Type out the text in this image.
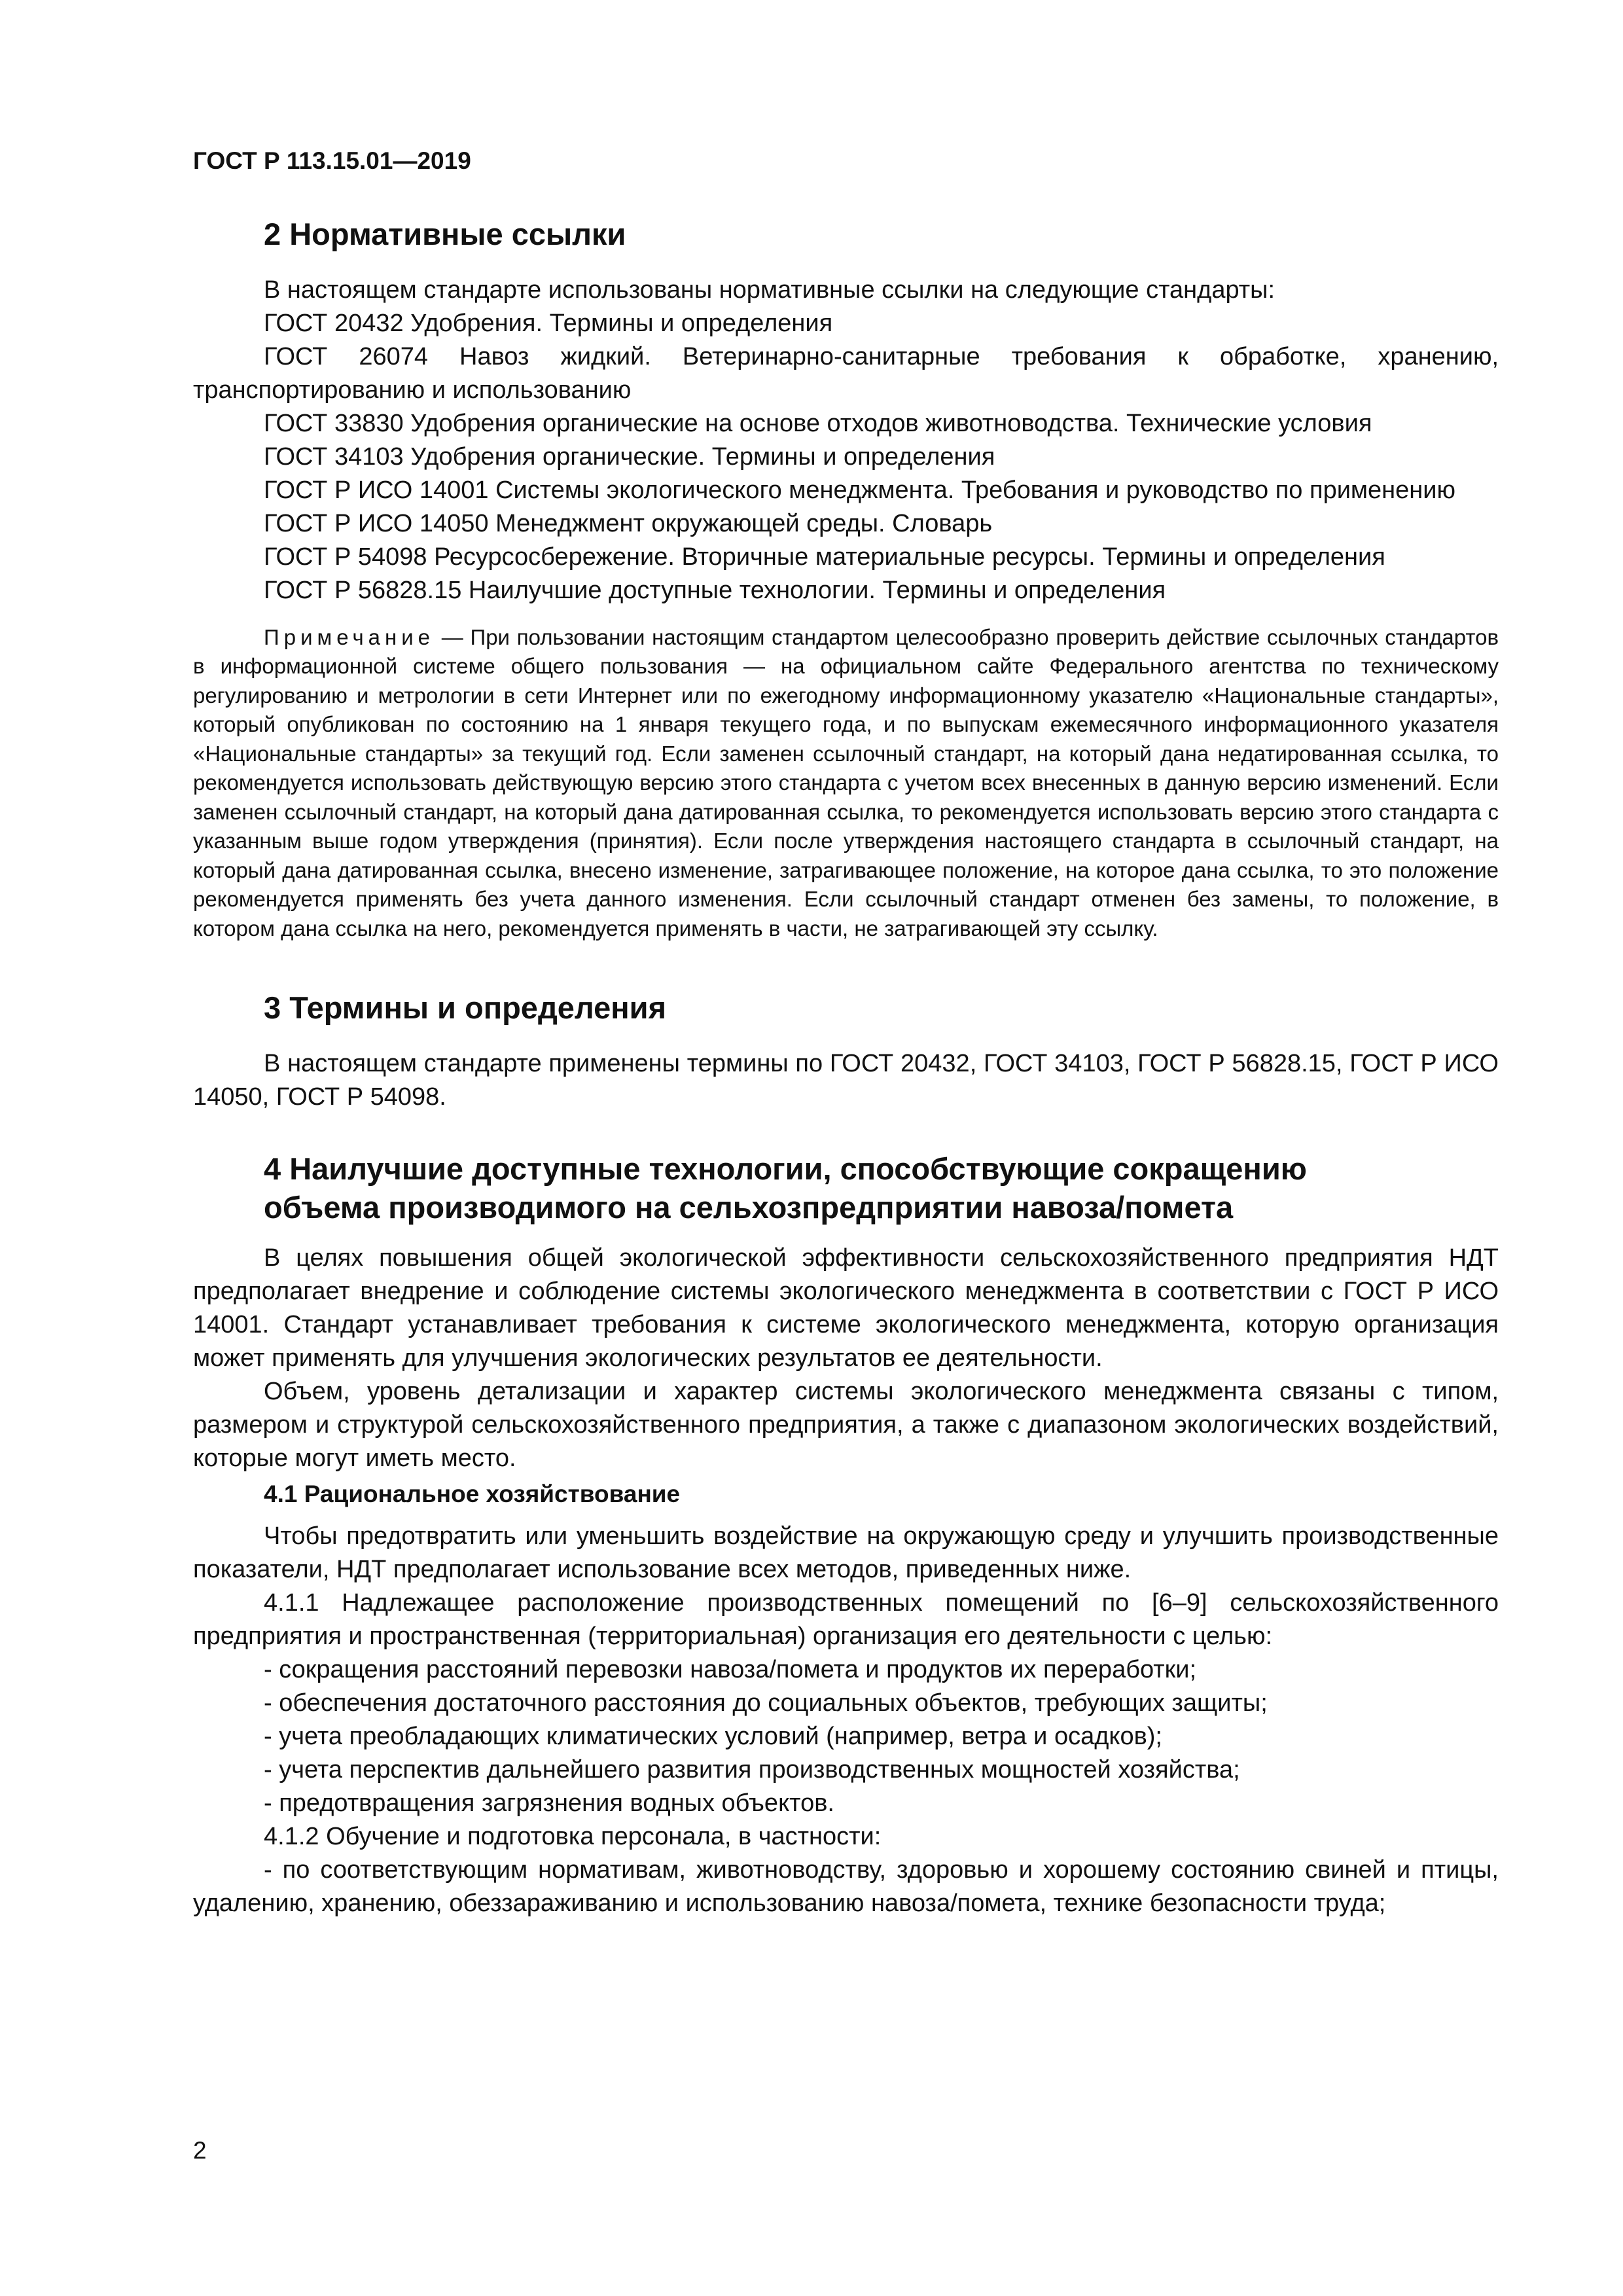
ГОСТ Р 113.15.01—2019
2 Нормативные ссылки

В настоящем стандарте использованы нормативные ссылки на следующие стандарты:

ГОСТ 20432 Удобрения. Термины и определения

ГОСТ 26074 Навоз жидкий. Ветеринарно-санитарные требования к обработке, хранению, транспортированию и использованию

ГОСТ 33830 Удобрения органические на основе отходов животноводства. Технические условия

ГОСТ 34103 Удобрения органические. Термины и определения

ГОСТ Р ИСО 14001 Системы экологического менеджмента. Требования и руководство по применению

ГОСТ Р ИСО 14050 Менеджмент окружающей среды. Словарь

ГОСТ Р 54098 Ресурсосбережение. Вторичные материальные ресурсы. Термины и определения

ГОСТ Р 56828.15 Наилучшие доступные технологии. Термины и определения

Примечание — При пользовании настоящим стандартом целесообразно проверить действие ссылочных стандартов в информационной системе общего пользования — на официальном сайте Федерального агентства по техническому регулированию и метрологии в сети Интернет или по ежегодному информационному указателю «Национальные стандарты», который опубликован по состоянию на 1 января текущего года, и по выпускам ежемесячного информационного указателя «Национальные стандарты» за текущий год. Если заменен ссылочный стандарт, на который дана недатированная ссылка, то рекомендуется использовать действующую версию этого стандарта с учетом всех внесенных в данную версию изменений. Если заменен ссылочный стандарт, на который дана датированная ссылка, то рекомендуется использовать версию этого стандарта с указанным выше годом утверждения (принятия). Если после утверждения настоящего стандарта в ссылочный стандарт, на который дана датированная ссылка, внесено изменение, затрагивающее положение, на которое дана ссылка, то это положение рекомендуется применять без учета данного изменения. Если ссылочный стандарт отменен без замены, то положение, в котором дана ссылка на него, рекомендуется применять в части, не затрагивающей эту ссылку.

3 Термины и определения

В настоящем стандарте применены термины по ГОСТ 20432, ГОСТ 34103, ГОСТ Р 56828.15, ГОСТ Р ИСО 14050, ГОСТ Р 54098.

4 Наилучшие доступные технологии, способствующие сокращению
объема производимого на сельхозпредприятии навоза/помета

В целях повышения общей экологической эффективности сельскохозяйственного предприятия НДТ предполагает внедрение и соблюдение системы экологического менеджмента в соответствии с ГОСТ Р ИСО 14001. Стандарт устанавливает требования к системе экологического менеджмента, которую организация может применять для улучшения экологических результатов ее деятельности.

Объем, уровень детализации и характер системы экологического менеджмента связаны с типом, размером и структурой сельскохозяйственного предприятия, а также с диапазоном экологических воздействий, которые могут иметь место.

4.1 Рациональное хозяйствование

Чтобы предотвратить или уменьшить воздействие на окружающую среду и улучшить производственные показатели, НДТ предполагает использование всех методов, приведенных ниже.

4.1.1 Надлежащее расположение производственных помещений по [6–9] сельскохозяйственного предприятия и пространственная (территориальная) организация его деятельности с целью:

- сокращения расстояний перевозки навоза/помета и продуктов их переработки;

- обеспечения достаточного расстояния до социальных объектов, требующих защиты;

- учета преобладающих климатических условий (например, ветра и осадков);

- учета перспектив дальнейшего развития производственных мощностей хозяйства;

- предотвращения загрязнения водных объектов.

4.1.2 Обучение и подготовка персонала, в частности:

- по соответствующим нормативам, животноводству, здоровью и хорошему состоянию свиней и птицы, удалению, хранению, обеззараживанию и использованию навоза/помета, технике безопасности труда;

2
